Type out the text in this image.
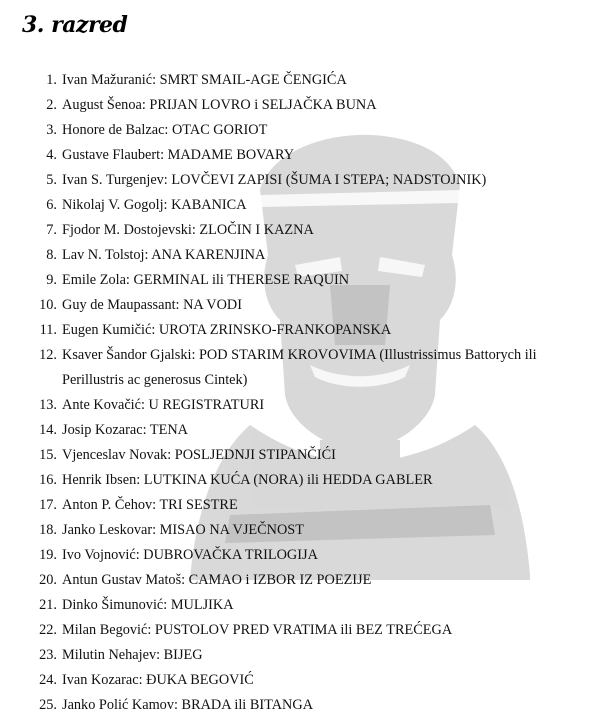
3. razred
1. Ivan Mažuranić: SMRT SMAIL-AGE ČENGIĆA
2. August Šenoa: PRIJAN LOVRO i SELJAČKA BUNA
3. Honore de Balzac: OTAC GORIOT
4. Gustave Flaubert: MADAME BOVARY
5. Ivan S. Turgenjev: LOVČEVI ZAPISI (ŠUMA I STEPA; NADSTOJNIK)
6. Nikolaj V. Gogolj: KABANICA
7. Fjodor M. Dostojevski: ZLOČIN I KAZNA
8. Lav N. Tolstoj: ANA KARENJINA
9. Emile Zola: GERMINAL ili THERESE RAQUIN
10. Guy de Maupassant: NA VODI
11. Eugen Kumičić: UROTA ZRINSKO-FRANKOPANSKA
12. Ksaver Šandor Gjalski: POD STARIM KROVOVIMA (Illustrissimus Battorych ili Perillustris ac generosus Cintek)
13. Ante Kovačić: U REGISTRATURI
14. Josip Kozarac: TENA
15. Vjenceslav Novak: POSLJEDNJI STIPANČIĆI
16. Henrik Ibsen: LUTKINA KUĆA (NORA) ili HEDDA GABLER
17. Anton P. Čehov: TRI SESTRE
18. Janko Leskovar: MISAO NA VJEČNOST
19. Ivo Vojnović: DUBROVAČKA TRILOGIJA
20. Antun Gustav Matoš: CAMAO i IZBOR IZ POEZIJE
21. Dinko Šimunović: MULJIKA
22. Milan Begović: PUSTOLOV PRED VRATIMA ili BEZ TREĆEGA
23. Milutin Nehajev: BIJEG
24. Ivan Kozarac: ĐUKA BEGOVIĆ
25. Janko Polić Kamov: BRADA ili BITANGA
